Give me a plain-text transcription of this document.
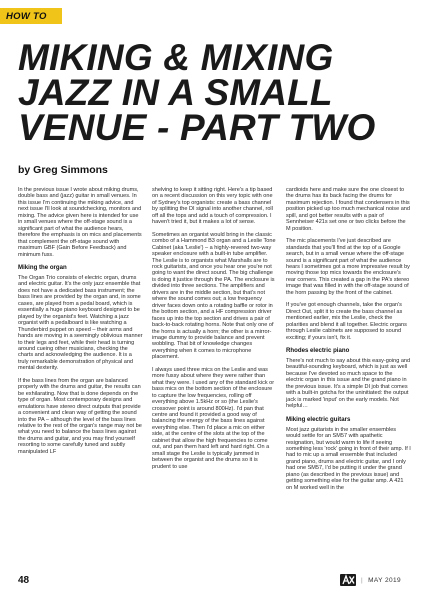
HOW TO
MIKING & MIXING
JAZZ IN A SMALL
VENUE - PART TWO
by Greg Simmons

In the previous issue I wrote about miking drums, double bass and (jazz) guitar in small venues. In this issue I'm continuing the miking advice, and next issue I'll look at soundchecking, monitors and mixing. The advice given here is intended for use in small venues where the off-stage sound is a significant part of what the audience hears, therefore the emphasis is on mics and placements that complement the off-stage sound with maximum GBF (Gain Before Feedback) and minimum fuss.

Miking the organ

The Organ Trio consists of electric organ, drums and electric guitar. It's the only jazz ensemble that does not have a dedicated bass instrument; the bass lines are provided by the organ and, in some cases, are played from a pedal board, which is essentially a huge piano keyboard designed to be played by the organist's feet. Watching a jazz organist with a pedalboard is like watching a Thunderbird puppet on speed – their arms and hands are moving in a seemingly oblivious manner to their legs and feet, while their head is turning around cueing other musicians, checking the charts and acknowledging the audience. It is a truly remarkable demonstration of physical and mental dexterity.

If the bass lines from the organ are balanced properly with the drums and guitar, the results can be exhilarating. Now that is done depends on the type of organ. Most contemporary designs and emulations have stereo direct outputs that provide a convenient and clean way of getting the sound into the PA – although the level of the bass lines relative to the rest of the organ's range may not be what you need to balance the bass lines against the drums and guitar, and you may find yourself resorting to some carefully tuned and subtly manipulated LF

shelving to keep it sitting right. Here's a tip based on a recent discussion on this very topic with one of Sydney's top organists: create a bass channel by splitting the DI signal into another channel, roll off all the tops and add a touch of compression. I haven't tried it, but it makes a lot of sense.

Sometimes an organist would bring in the classic combo of a Hammond B3 organ and a Leslie Tone Cabinet (aka 'Leslie') – a highly-revered two-way speaker enclosure with a built-in tube amplifier. The Leslie is to organists what Marshalls are to rock guitarists, and once you hear one you're not going to want the direct sound. The big challenge is doing it justice through the PA. The enclosure is divided into three sections. The amplifiers and drivers are in the middle section, but that's not where the sound comes out; a low frequency driver faces down onto a rotating baffle or rotor in the bottom section, and a HF compression driver faces up into the top section and drives a pair of back-to-back rotating horns. Note that only one of the horns is actually a horn; the other is a mirror-image dummy to provide balance and prevent wobbling. That bit of knowledge changes everything when it comes to microphone placement.

I always used three mics on the Leslie and was more fussy about where they were rather than what they were. I used any of the standard kick or bass mics on the bottom section of the enclosure to capture the low frequencies, rolling off everything above 1.5kHz or so (the Leslie's crossover point is around 800Hz). I'd pan that centre and found it provided a good way of balancing the energy of the bass lines against everything else. Then I'd place a mic on either side, at the centre of the slots at the top of the cabinet that allow the high frequencies to come out, and pan them hard left and hard right. On a small stage the Leslie is typically jammed in between the organist and the drums so it is prudent to use

cardioids here and make sure the one closest to the drums has its back facing the drums for maximum rejection. I found that condensers in this position picked up too much mechanical noise and spill, and got better results with a pair of Sennheiser 421s set one or two clicks before the M position.

The mic placements I've just described are standards that you'll find at the top of a Google search, but in a small venue where the off-stage sound is a significant part of what the audience hears I sometimes got a more impressive result by moving those top mics towards the enclosure's rear corners. This created a gap in the PA's stereo image that was filled in with the off-stage sound of the horn passing by the front of the cabinet.

If you've got enough channels, take the organ's Direct Out, split it to create the bass channel as mentioned earlier, mix the Leslie, check the polarities and blend it all together. Electric organs through Leslie cabinets are supposed to sound exciting; if yours isn't, fix it.

Rhodes electric piano

There's not much to say about this easy-going and beautiful-sounding keyboard, which is just as well because I've devoted so much space to the electric organ in this issue and the grand piano in the previous issue. It's a simple DI job that comes with a built-in gotcha for the uninitiated: the output jack is marked 'input' on the early models. Not helpful…

Miking electric guitars

Most jazz guitarists in the smaller ensembles would settle for an SM57 with apathetic resignation, but would warm to life if seeing something less 'rock' going in front of their amp. If I had to mic up a small ensemble that included grand piano, drums and electric guitar, and I only had one SM57, I'd be putting it under the grand piano (as described in the previous issue) and getting something else for the guitar amp. A 421 on M worked well in the

48	| MAY 2019
